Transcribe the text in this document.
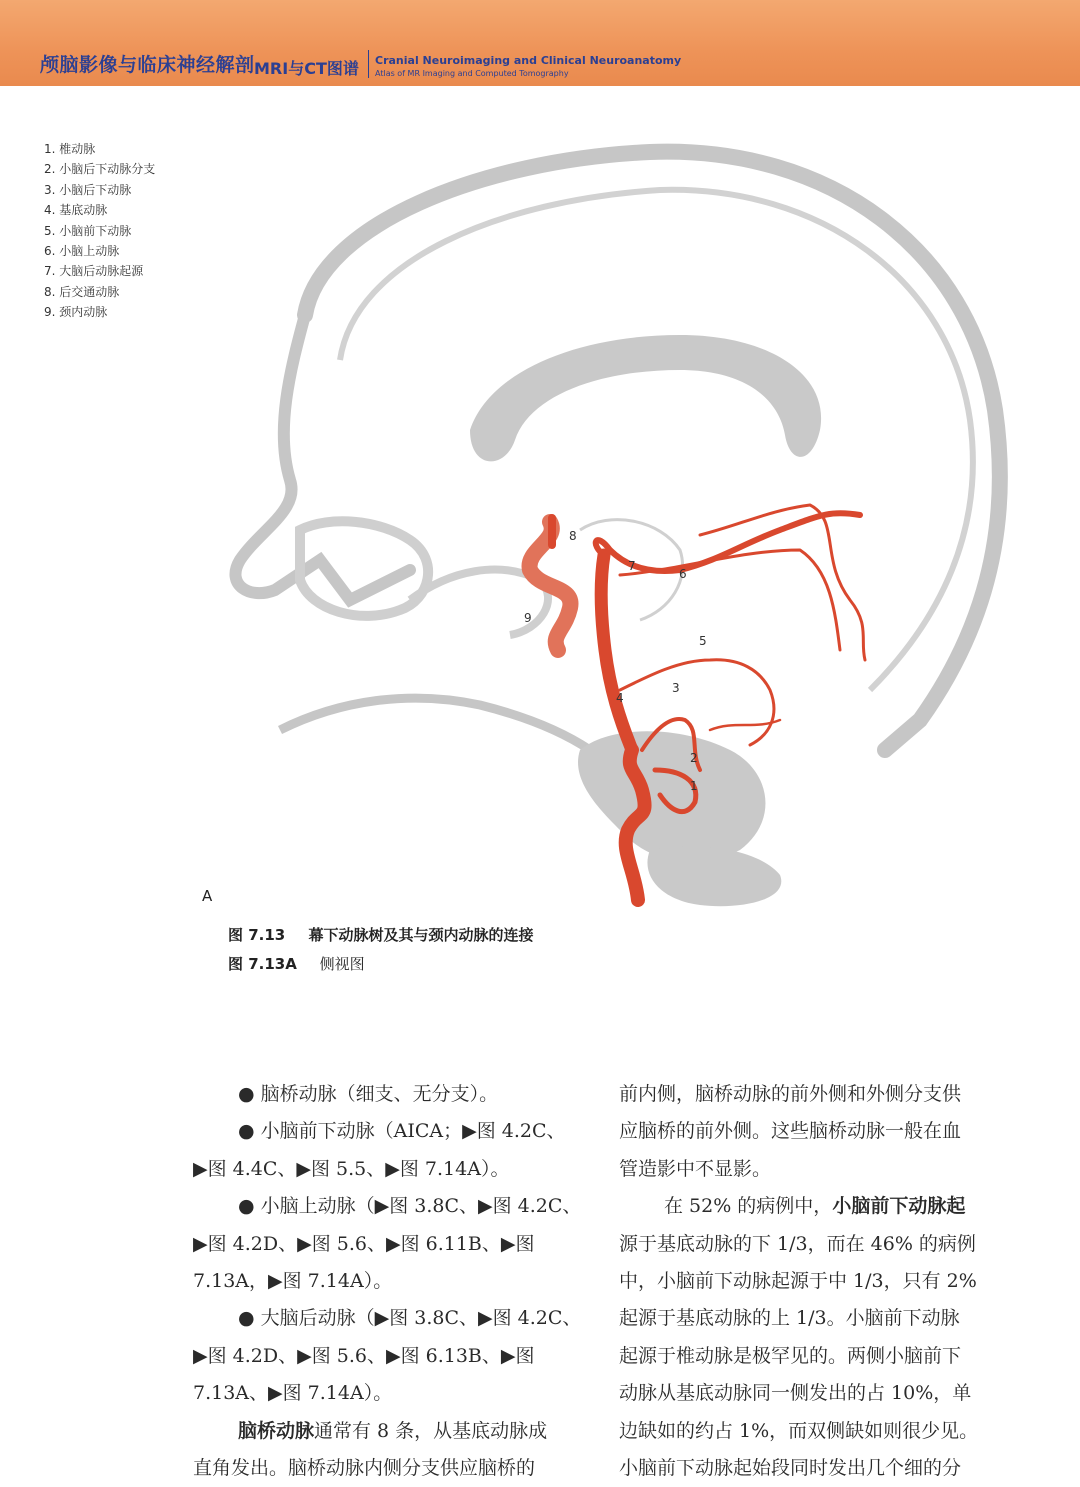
颅脑影像与临床神经解剖 MRI与CT图谱 Cranial Neuroimaging and Clinical Neuroanatomy
Atlas of MR Imaging and Computed Tomography
1. 椎动脉
2. 小脑后下动脉分支
3. 小脑后下动脉
4. 基底动脉
5. 小脑前下动脉
6. 小脑上动脉
7. 大脑后动脉起源
8. 后交通动脉
9. 颈内动脉
1
2
3
4
5
6
7
8
9
A
图 7.13 幕下动脉树及其与颈内动脉的连接
图 7.13A 侧视图
● 脑桥动脉（细支、无分支）。
● 小脑前下动脉（AICA；▶图 4.2C、
▶图 4.4C、▶图 5.5、▶图 7.14A）。
● 小脑上动脉（▶图 3.8C、▶图 4.2C、
▶图 4.2D、▶图 5.6、▶图 6.11B、▶图
7.13A，▶图 7.14A）。
● 大脑后动脉（▶图 3.8C、▶图 4.2C、
▶图 4.2D、▶图 5.6、▶图 6.13B、▶图
7.13A、▶图 7.14A）。
脑桥动脉通常有 8 条，从基底动脉成
直角发出。脑桥动脉内侧分支供应脑桥的
前内侧，脑桥动脉的前外侧和外侧分支供
应脑桥的前外侧。这些脑桥动脉一般在血
管造影中不显影。
在 52% 的病例中，小脑前下动脉起
源于基底动脉的下 1/3，而在 46% 的病例
中，小脑前下动脉起源于中 1/3，只有 2%
起源于基底动脉的上 1/3。小脑前下动脉
起源于椎动脉是极罕见的。两侧小脑前下
动脉从基底动脉同一侧发出的占 10%，单
边缺如的约占 1%，而双侧缺如则很少见。
小脑前下动脉起始段同时发出几个细的分
